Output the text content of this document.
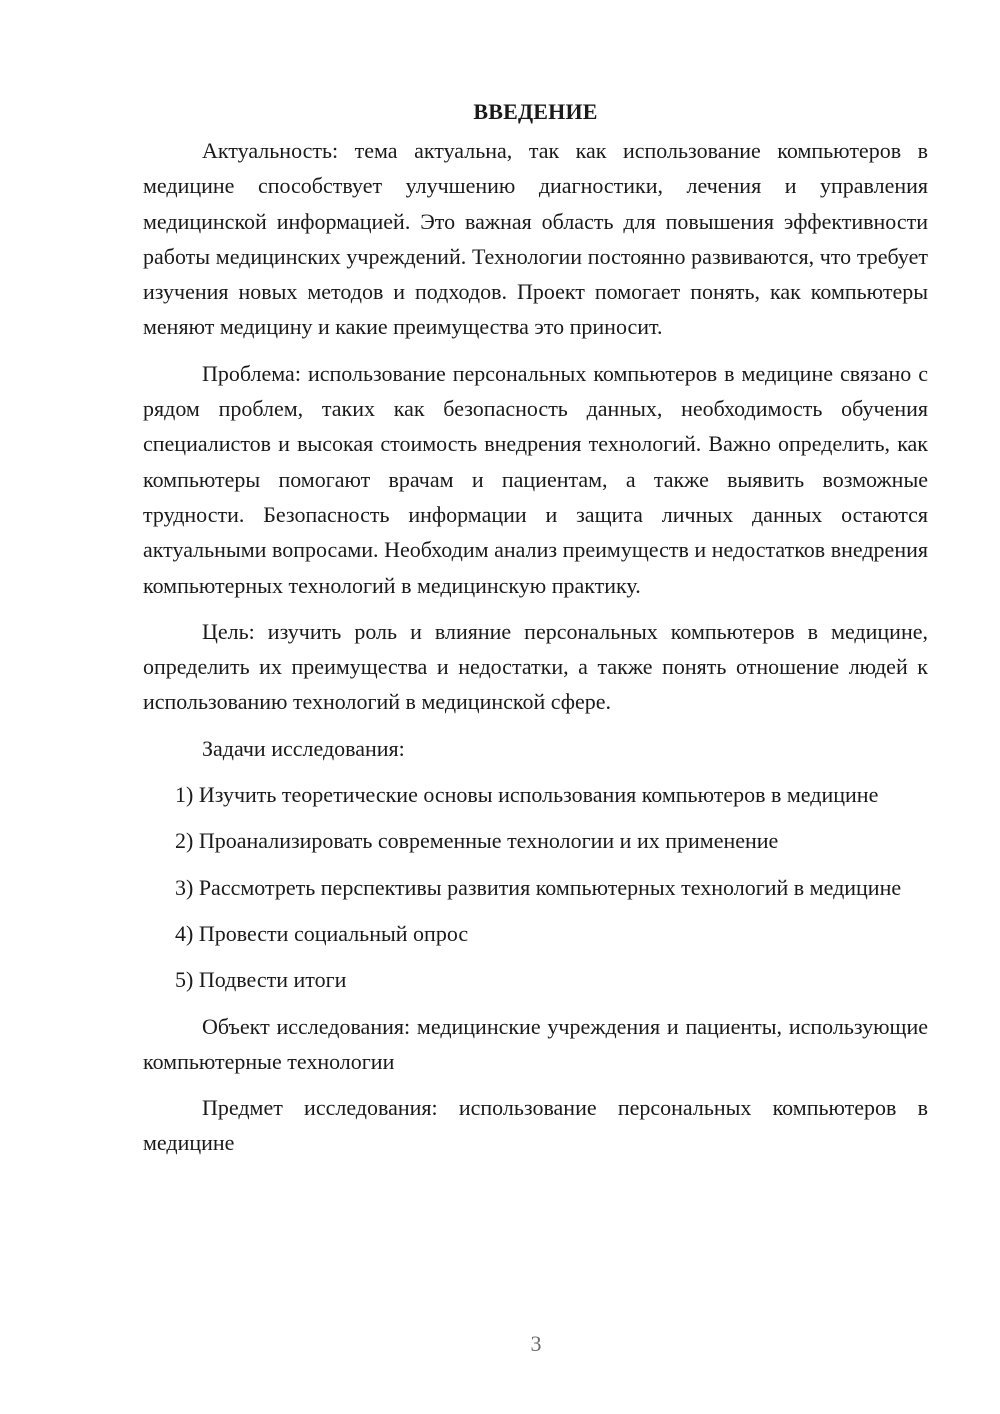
ВВЕДЕНИЕ

Актуальность: тема актуальна, так как использование компьютеров в медицине способствует улучшению диагностики, лечения и управления медицинской информацией. Это важная область для повышения эффективности работы медицинских учреждений. Технологии постоянно развиваются, что требует изучения новых методов и подходов. Проект помогает понять, как компьютеры меняют медицину и какие преимущества это приносит.

Проблема: использование персональных компьютеров в медицине связано с рядом проблем, таких как безопасность данных, необходимость обучения специалистов и высокая стоимость внедрения технологий. Важно определить, как компьютеры помогают врачам и пациентам, а также выявить возможные трудности. Безопасность информации и защита личных данных остаются актуальными вопросами. Необходим анализ преимуществ и недостатков внедрения компьютерных технологий в медицинскую практику.

Цель: изучить роль и влияние персональных компьютеров в медицине, определить их преимущества и недостатки, а также понять отношение людей к использованию технологий в медицинской сфере.

Задачи исследования:

1) Изучить теоретические основы использования компьютеров в медицине

2) Проанализировать современные технологии и их применение

3) Рассмотреть перспективы развития компьютерных технологий в медицине

4) Провести социальный опрос

5) Подвести итоги

Объект исследования: медицинские учреждения и пациенты, использующие компьютерные технологии

Предмет исследования: использование персональных компьютеров в медицине

3
